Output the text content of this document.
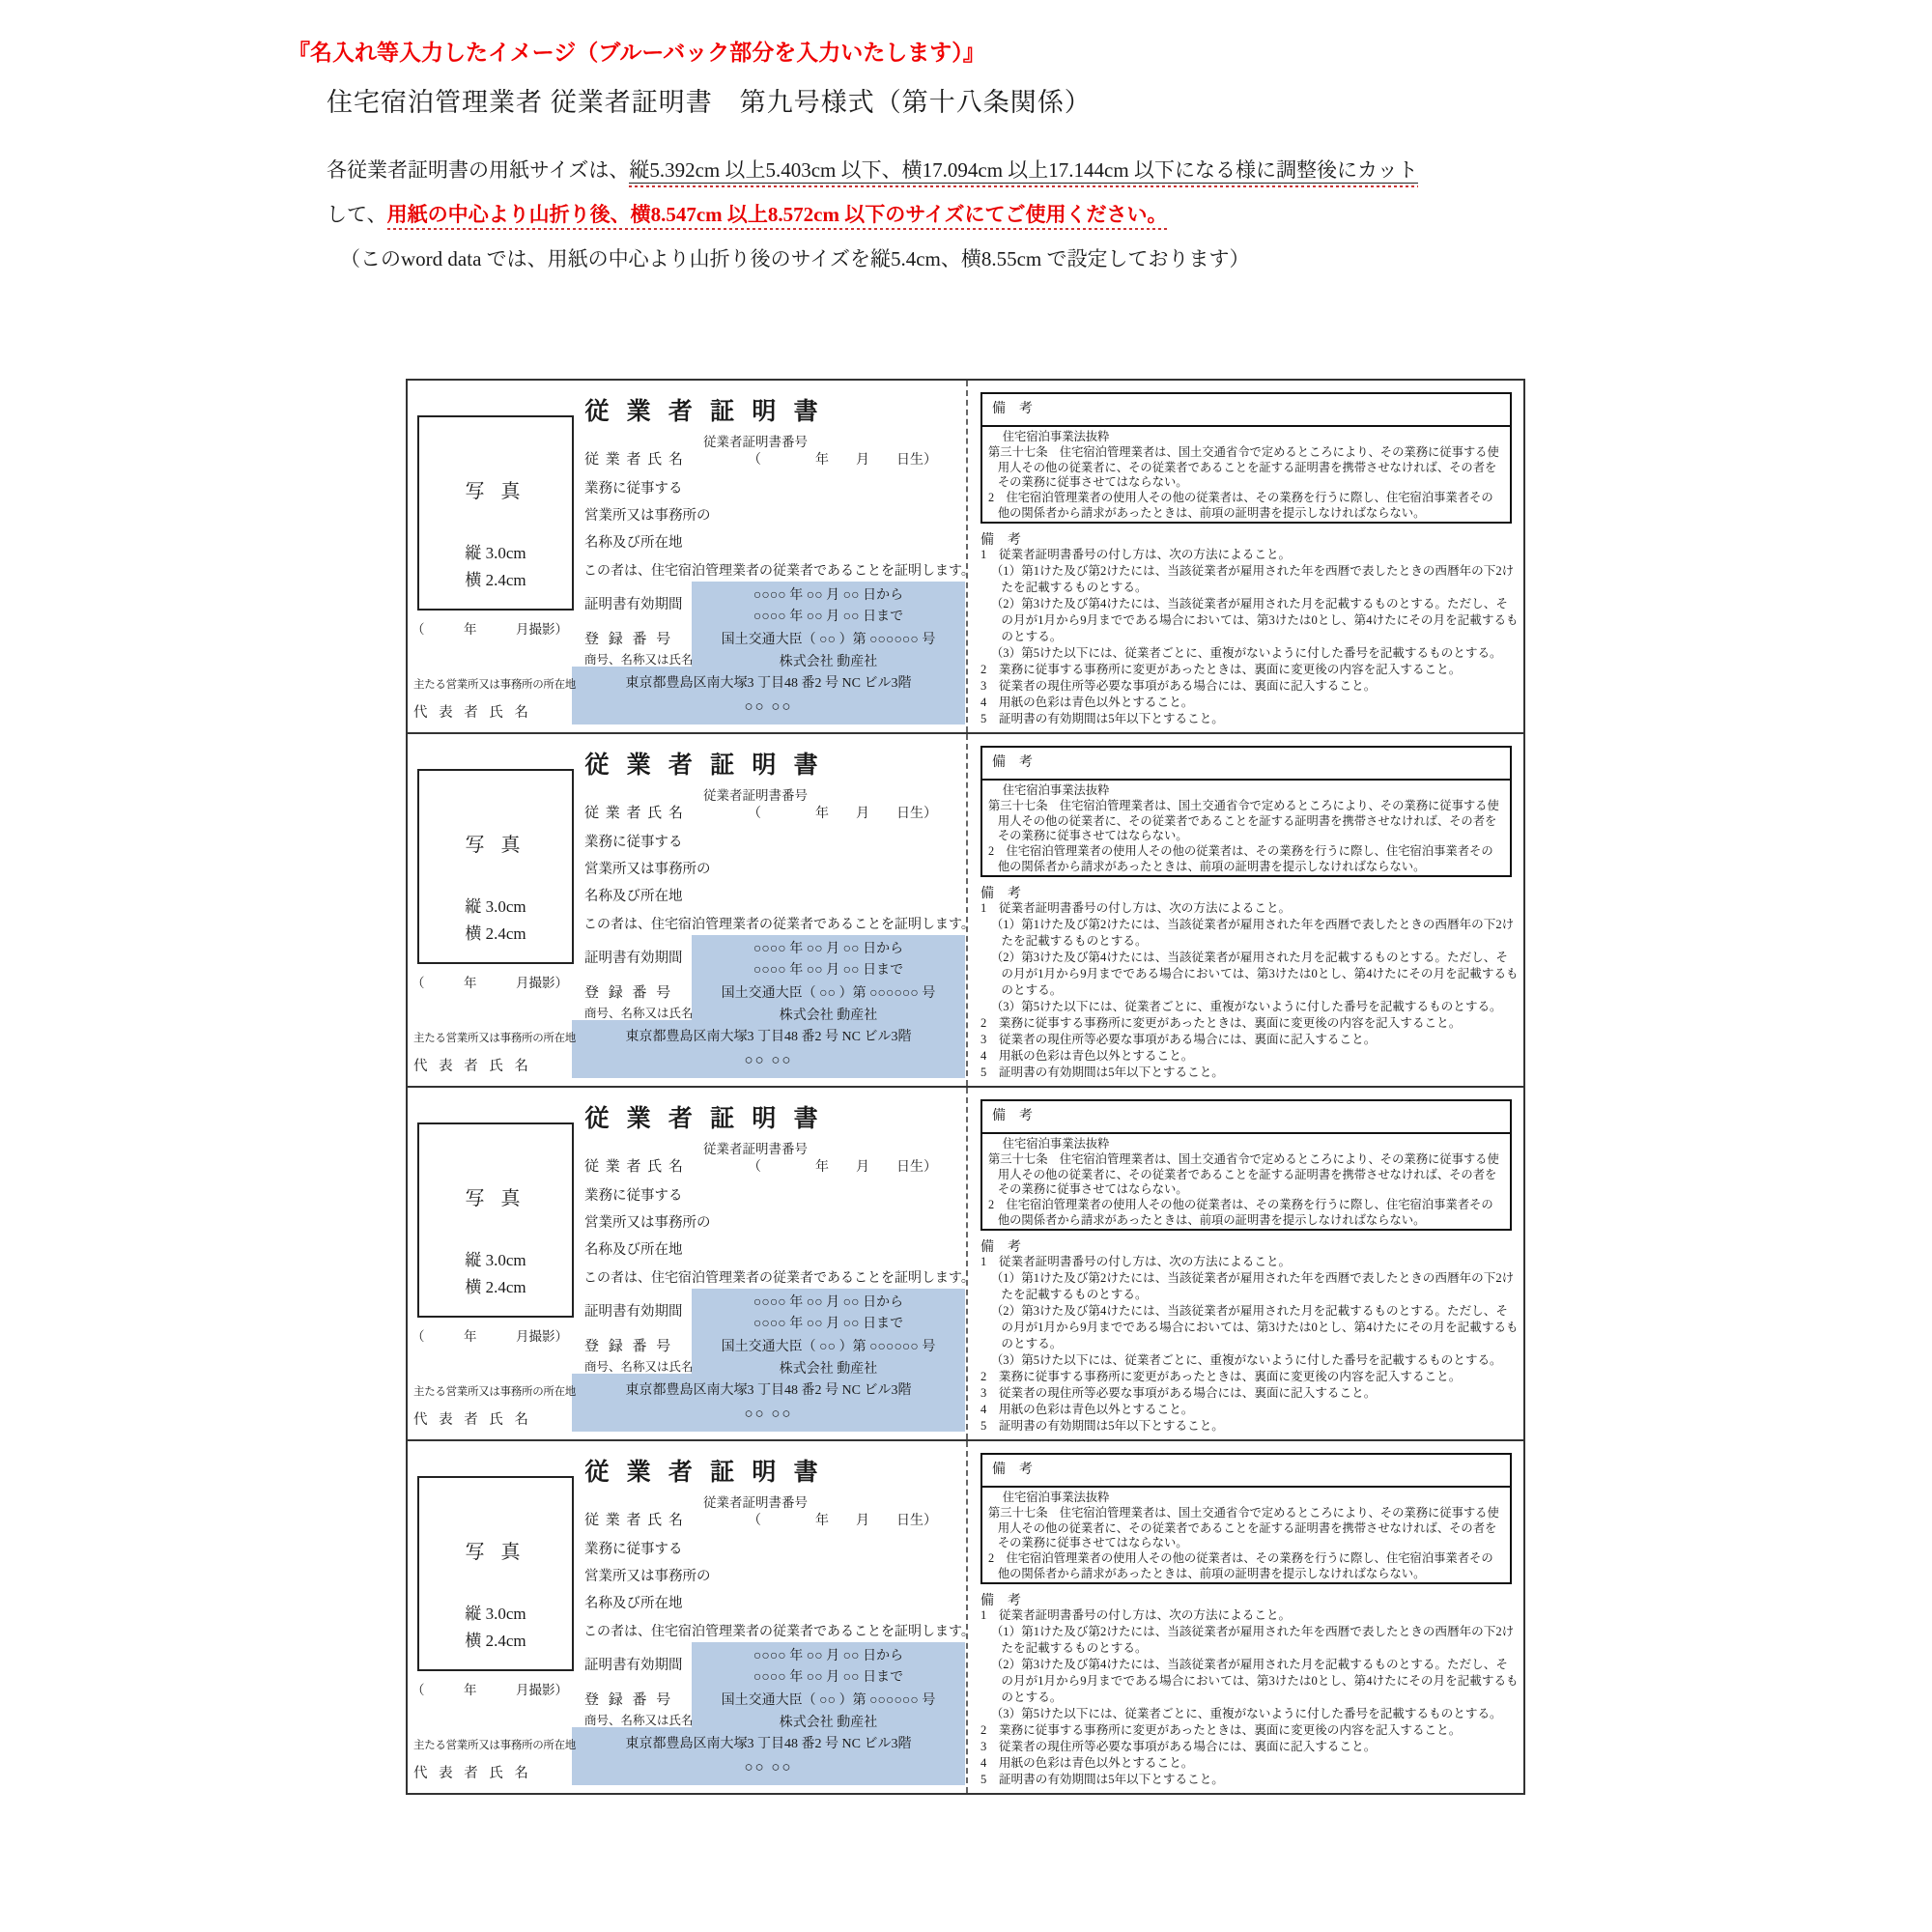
『名入れ等入力したイメージ（ブルーバック部分を入力いたします）』
住宅宿泊管理業者 従業者証明書　第九号様式（第十八条関係）
各従業者証明書の用紙サイズは、縦5.392cm 以上5.403cm 以下、横17.094cm 以上17.144cm 以下になる様に調整後にカット
して、用紙の中心より山折り後、横8.547cm 以上8.572cm 以下のサイズにてご使用ください。
（このword data では、用紙の中心より山折り後のサイズを縦5.4cm、横8.55cm で設定しております）
従 業 者 証 明 書
従業者証明書番号
写 真
縦 3.0cm
横 2.4cm
（　　　年　　　月撮影）
従 業 者 氏 名	（　　　　年　　月　　日生）
業務に従事する
営業所又は事務所の
名称及び所在地
この者は、住宅宿泊管理業者の従業者であることを証明します。
証明書有効期間
○○○○ 年 ○○ 月 ○○ 日から
○○○○ 年 ○○ 月 ○○ 日まで
登 録 番 号	国土交通大臣（ ○○ ）第 ○○○○○○ 号
商号、名称又は氏名	株式会社 動産社
主たる営業所又は事務所の所在地	東京都豊島区南大塚3 丁目48 番2 号 NC ビル3階
代 表 者 氏 名	○○ ○○
備　考
住宅宿泊事業法抜粋
第三十七条　住宅宿泊管理業者は、国土交通省令で定めるところにより、その業務に従事する使用人その他の従業者に、その従業者であることを証する証明書を携帯させなければ、その者をその業務に従事させてはならない。
2　住宅宿泊管理業者の使用人その他の従業者は、その業務を行うに際し、住宅宿泊事業者その他の関係者から請求があったときは、前項の証明書を提示しなければならない。
備　考
1　従業者証明書番号の付し方は、次の方法によること。
（1）第1けた及び第2けたには、当該従業者が雇用された年を西暦で表したときの西暦年の下2けたを記載するものとする。
（2）第3けた及び第4けたには、当該従業者が雇用された月を記載するものとする。ただし、その月が1月から9月までである場合においては、第3けたは0とし、第4けたにその月を記載するものとする。
（3）第5けた以下には、従業者ごとに、重複がないように付した番号を記載するものとする。
2　業務に従事する事務所に変更があったときは、裏面に変更後の内容を記入すること。
3　従業者の現住所等必要な事項がある場合には、裏面に記入すること。
4　用紙の色彩は青色以外とすること。
5　証明書の有効期間は5年以下とすること。
従 業 者 証 明 書
従業者証明書番号
写 真
縦 3.0cm
横 2.4cm
（　　　年　　　月撮影）
従 業 者 氏 名	（　　　　年　　月　　日生）
業務に従事する
営業所又は事務所の
名称及び所在地
この者は、住宅宿泊管理業者の従業者であることを証明します。
証明書有効期間
○○○○ 年 ○○ 月 ○○ 日から
○○○○ 年 ○○ 月 ○○ 日まで
登 録 番 号	国土交通大臣（ ○○ ）第 ○○○○○○ 号
商号、名称又は氏名	株式会社 動産社
主たる営業所又は事務所の所在地	東京都豊島区南大塚3 丁目48 番2 号 NC ビル3階
代 表 者 氏 名	○○ ○○
備　考
住宅宿泊事業法抜粋
第三十七条　住宅宿泊管理業者は、国土交通省令で定めるところにより、その業務に従事する使用人その他の従業者に、その従業者であることを証する証明書を携帯させなければ、その者をその業務に従事させてはならない。
2　住宅宿泊管理業者の使用人その他の従業者は、その業務を行うに際し、住宅宿泊事業者その他の関係者から請求があったときは、前項の証明書を提示しなければならない。
備　考
1　従業者証明書番号の付し方は、次の方法によること。
（1）第1けた及び第2けたには、当該従業者が雇用された年を西暦で表したときの西暦年の下2けたを記載するものとする。
（2）第3けた及び第4けたには、当該従業者が雇用された月を記載するものとする。ただし、その月が1月から9月までである場合においては、第3けたは0とし、第4けたにその月を記載するものとする。
（3）第5けた以下には、従業者ごとに、重複がないように付した番号を記載するものとする。
2　業務に従事する事務所に変更があったときは、裏面に変更後の内容を記入すること。
3　従業者の現住所等必要な事項がある場合には、裏面に記入すること。
4　用紙の色彩は青色以外とすること。
5　証明書の有効期間は5年以下とすること。
従 業 者 証 明 書
従業者証明書番号
写 真
縦 3.0cm
横 2.4cm
（　　　年　　　月撮影）
従 業 者 氏 名	（　　　　年　　月　　日生）
業務に従事する
営業所又は事務所の
名称及び所在地
この者は、住宅宿泊管理業者の従業者であることを証明します。
証明書有効期間
○○○○ 年 ○○ 月 ○○ 日から
○○○○ 年 ○○ 月 ○○ 日まで
登 録 番 号	国土交通大臣（ ○○ ）第 ○○○○○○ 号
商号、名称又は氏名	株式会社 動産社
主たる営業所又は事務所の所在地	東京都豊島区南大塚3 丁目48 番2 号 NC ビル3階
代 表 者 氏 名	○○ ○○
備　考
住宅宿泊事業法抜粋
第三十七条　住宅宿泊管理業者は、国土交通省令で定めるところにより、その業務に従事する使用人その他の従業者に、その従業者であることを証する証明書を携帯させなければ、その者をその業務に従事させてはならない。
2　住宅宿泊管理業者の使用人その他の従業者は、その業務を行うに際し、住宅宿泊事業者その他の関係者から請求があったときは、前項の証明書を提示しなければならない。
備　考
1　従業者証明書番号の付し方は、次の方法によること。
（1）第1けた及び第2けたには、当該従業者が雇用された年を西暦で表したときの西暦年の下2けたを記載するものとする。
（2）第3けた及び第4けたには、当該従業者が雇用された月を記載するものとする。ただし、その月が1月から9月までである場合においては、第3けたは0とし、第4けたにその月を記載するものとする。
（3）第5けた以下には、従業者ごとに、重複がないように付した番号を記載するものとする。
2　業務に従事する事務所に変更があったときは、裏面に変更後の内容を記入すること。
3　従業者の現住所等必要な事項がある場合には、裏面に記入すること。
4　用紙の色彩は青色以外とすること。
5　証明書の有効期間は5年以下とすること。
従 業 者 証 明 書
従業者証明書番号
写 真
縦 3.0cm
横 2.4cm
（　　　年　　　月撮影）
従 業 者 氏 名	（　　　　年　　月　　日生）
業務に従事する
営業所又は事務所の
名称及び所在地
この者は、住宅宿泊管理業者の従業者であることを証明します。
証明書有効期間
○○○○ 年 ○○ 月 ○○ 日から
○○○○ 年 ○○ 月 ○○ 日まで
登 録 番 号	国土交通大臣（ ○○ ）第 ○○○○○○ 号
商号、名称又は氏名	株式会社 動産社
主たる営業所又は事務所の所在地	東京都豊島区南大塚3 丁目48 番2 号 NC ビル3階
代 表 者 氏 名	○○ ○○
備　考
住宅宿泊事業法抜粋
第三十七条　住宅宿泊管理業者は、国土交通省令で定めるところにより、その業務に従事する使用人その他の従業者に、その従業者であることを証する証明書を携帯させなければ、その者をその業務に従事させてはならない。
2　住宅宿泊管理業者の使用人その他の従業者は、その業務を行うに際し、住宅宿泊事業者その他の関係者から請求があったときは、前項の証明書を提示しなければならない。
備　考
1　従業者証明書番号の付し方は、次の方法によること。
（1）第1けた及び第2けたには、当該従業者が雇用された年を西暦で表したときの西暦年の下2けたを記載するものとする。
（2）第3けた及び第4けたには、当該従業者が雇用された月を記載するものとする。ただし、その月が1月から9月までである場合においては、第3けたは0とし、第4けたにその月を記載するものとする。
（3）第5けた以下には、従業者ごとに、重複がないように付した番号を記載するものとする。
2　業務に従事する事務所に変更があったときは、裏面に変更後の内容を記入すること。
3　従業者の現住所等必要な事項がある場合には、裏面に記入すること。
4　用紙の色彩は青色以外とすること。
5　証明書の有効期間は5年以下とすること。
